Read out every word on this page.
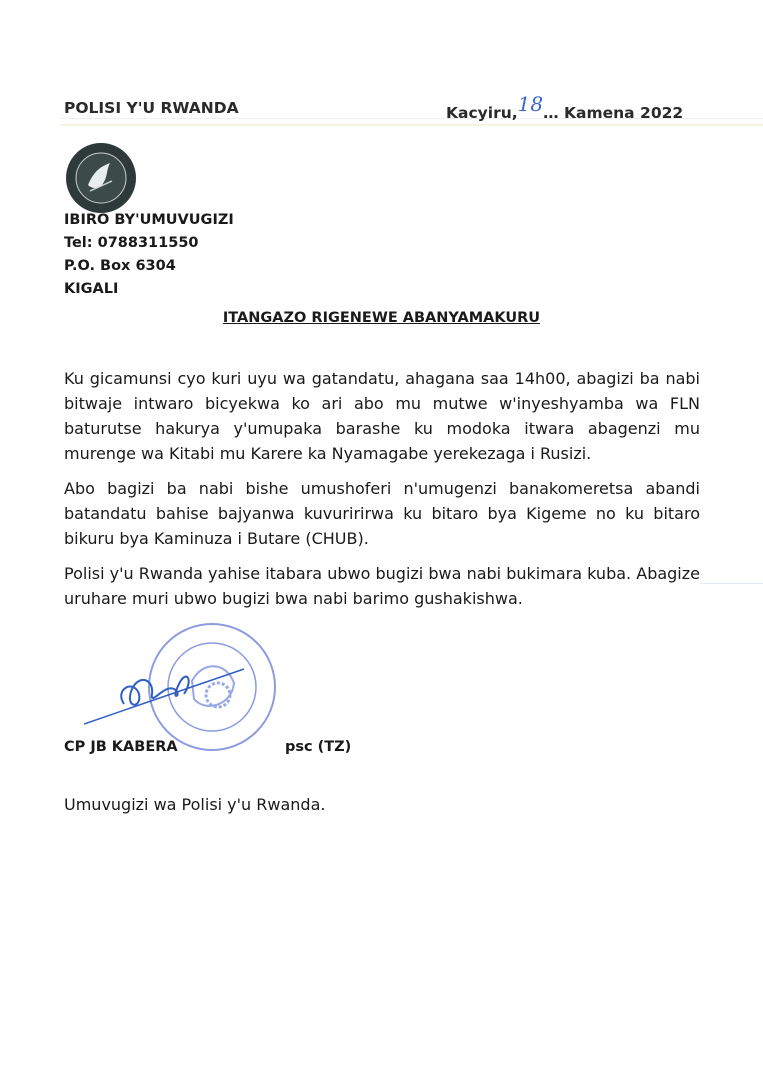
POLISI Y'U RWANDA	Kacyiru,18… Kamena 2022
IBIRO BY'UMUVUGIZI
Tel: 0788311550
P.O. Box 6304
KIGALI
ITANGAZO RIGENEWE ABANYAMAKURU

Ku gicamunsi cyo kuri uyu wa gatandatu, ahagana saa 14h00, abagizi ba nabi bitwaje intwaro bicyekwa ko ari abo mu mutwe w'inyeshyamba wa FLN baturutse hakurya y'umupaka barashe ku modoka itwara abagenzi mu murenge wa Kitabi mu Karere ka Nyamagabe yerekezaga i Rusizi.

Abo bagizi ba nabi bishe umushoferi n'umugenzi banakomeretsa abandi batandatu bahise bajyanwa kuvuririrwa ku bitaro bya Kigeme no ku bitaro bikuru bya Kaminuza i Butare (CHUB).

Polisi y'u Rwanda yahise itabara ubwo bugizi bwa nabi bukimara kuba. Abagize uruhare muri ubwo bugizi bwa nabi barimo gushakishwa.

CP JB KABERA	psc (TZ)
Umuvugizi wa Polisi y'u Rwanda.
